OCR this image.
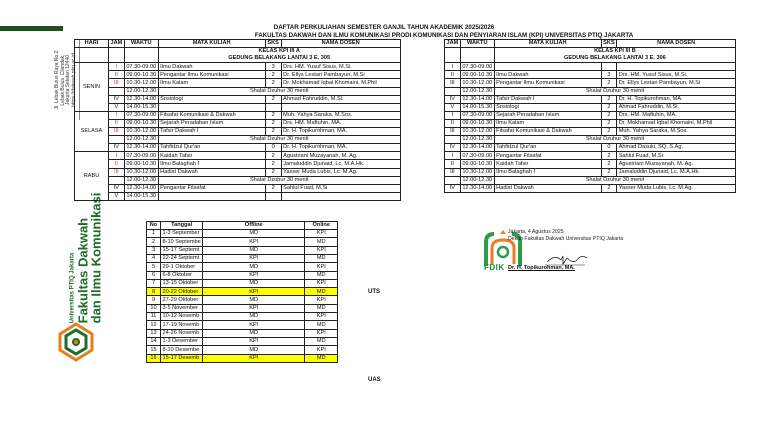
Jl. Lebak Bulus Raya No.2 Lebak Bulus, Cilandak, Jakarta Selatan 12440 https://dakwah.ptiq.ac.id
Universitas PTIQ Jakarta Fakultas Dakwah
dan Ilmu Komunikasi
DAFTAR PERKULIAHAN SEMESTER GANJIL TAHUN AKADEMIK 2025/2026
FAKULTAS DAKWAH DAN ILMU KOMUNIKASI PRODI KOMUNIKASI DAN PENYIARAN ISLAM (KPI) UNIVERSITAS PTIQ JAKARTA
HARI	JAM	WAKTU	MATA KULIAH	SKS	NAMA DOSEN
			KELAS KPI III A		
			GEDUNG BELAKANG LANTAI 3 E. 305		
SENIN	I	07.30-09.00	Ilmu Dakwah	3	Drs. HM. Yusuf Sisus, M.Si.
	II	09.00-10.30	Pengantar Ilmu Komunikasi	2	Dr. Ellys Lestari Pambayun, M.Si
	III	10.30-12.00	Ilmu Kalam	2	Dr. Mokhamad Iqbal Khomaini, M.Phil
		12.00-12.30	Shalat Dzuhur 30 menit		
	IV	12.30-14.00	Sosiologi	2	Ahmad Fahruddin, M.Si.
	V	14.00-15.30			
SELASA	I	07.30-09.00	Filsafat Komunikasi & Dakwah	2	Muh. Yahya Saraka, M.Sos.
	II	09.00-10.30	Sejarah Peradaban Islam	2	Drs. HM. Maftuhin, MA.
	III	10.30-12.00	Tafsir Dakwah I	2	Dr. H. Topikurohman, MA.
		12.00-12.30	Shalat Dzuhur 30 menit		
	IV	12.30-14.00	Tahfidzul Qur'an	0	Dr. H. Topikurohman, MA.
RABU	I	07.30-09.00	Kaidah Tafsir	2	Agustriani Muzayanah, M. Ag.
	II	09.00-10.30	Ilmu Balaghah I	2	Jamaluddin Djunaid, Lc. M.A.Hk.
	III	10.30-12.00	Hadist Dakwah	2	Yasser Muda Lubis, Lc. M.Ag.
		12.00-12.30	Shalat Dzuhur 30 menit		
	IV	12.30-14.00	Pengantar Filsafat	2	Sahlul Fuad, M.Si
	V	14.00-15.30			
JAM	WAKTU	MATA KULIAH	SKS	NAMA DOSEN
		KELAS KPI III B		
		GEDUNG BELAKANG LANTAI 3 E. 306		
I	07.30-09.00			
II	09.00-10.30	Ilmu Dakwah	3	Drs. HM. Yusuf Sisus, M.Si.
III	10.30-12.00	Pengantar Ilmu Komunikasi	2	Dr. Ellys Lestari Pambayun, M.Si
	12.00-12.30	Shalat Dzuhur 30 menit		
IV	12.30-14.00	Tafsir Dakwah I	2	Dr. H. Topikurohman, MA.
V	14.00-15.30	Sosiologi	2	Ahmad Fahruddin, M.Si.
I	07.30-09.00	Sejarah Peradaban Islam	2	Drs. HM. Maftuhin, MA.
II	09.00-10.30	Ilmu Kalam	2	Dr. Mokhamad Iqbal Khomaini, M.Phil
III	10.30-12.00	Filsafat Komunikasi & Dakwah	2	Muh. Yahya Saraka, M.Sos.
	12.00-12.30	Shalat Dzuhur 30 menit		
IV	12.30-14.00	Tahfidzul Qur'an	0	Ahmad Dasuki, SQ. S.Ag.
I	07.30-09.00	Pengantar Filsafat	2	Sahlul Fuad, M.Si
II	09.00-10.30	Kaidah Tafsir	2	Agustriani Muzayanah, M. Ag.
III	10.30-12.00	Ilmu Balaghah I	2	Jamaluddin Djunaid, Lc. M.A.Hk.
	12.00-12.30	Shalat Dzuhur 30 menit		
IV	12.30-14.00	Hadist Dakwah	2	Yasser Muda Lubis, Lc. M.Ag.
No	Tanggal	Offline	Online
1	1-3 September	MD	KPI
2	8-10 Septembe	KPI	MD
3	15-17 Septemt	MD	KPI
4	22-24 Septemt	KPI	MD
5	29-1 Oktober	MD	KPI
6	6-8 Oktober	KPI	MD
7	13-15 Oktober	MD	KPI
8	20-22 Oktober	KPI	MD
9	27-29 Oktober	MD	KPI
10	3-5 November	KPI	MD
11	10-12 Novemb	MD	KPI
12	17-19 Novemb	KPI	MD
13	24-26 Novemb	MD	KPI
14	1-3 Desember	KPI	MD
15	8-10 Desembe	MD	KPI
16	15-17 Desemb	KPI	MD
UTS
UAS
FDIK
Jakarta, 4 Agustus 2025
Dekan Fakultas Dakwah Universitas PTIQ Jakarta
Dr. H. Topikurohman, MA.
